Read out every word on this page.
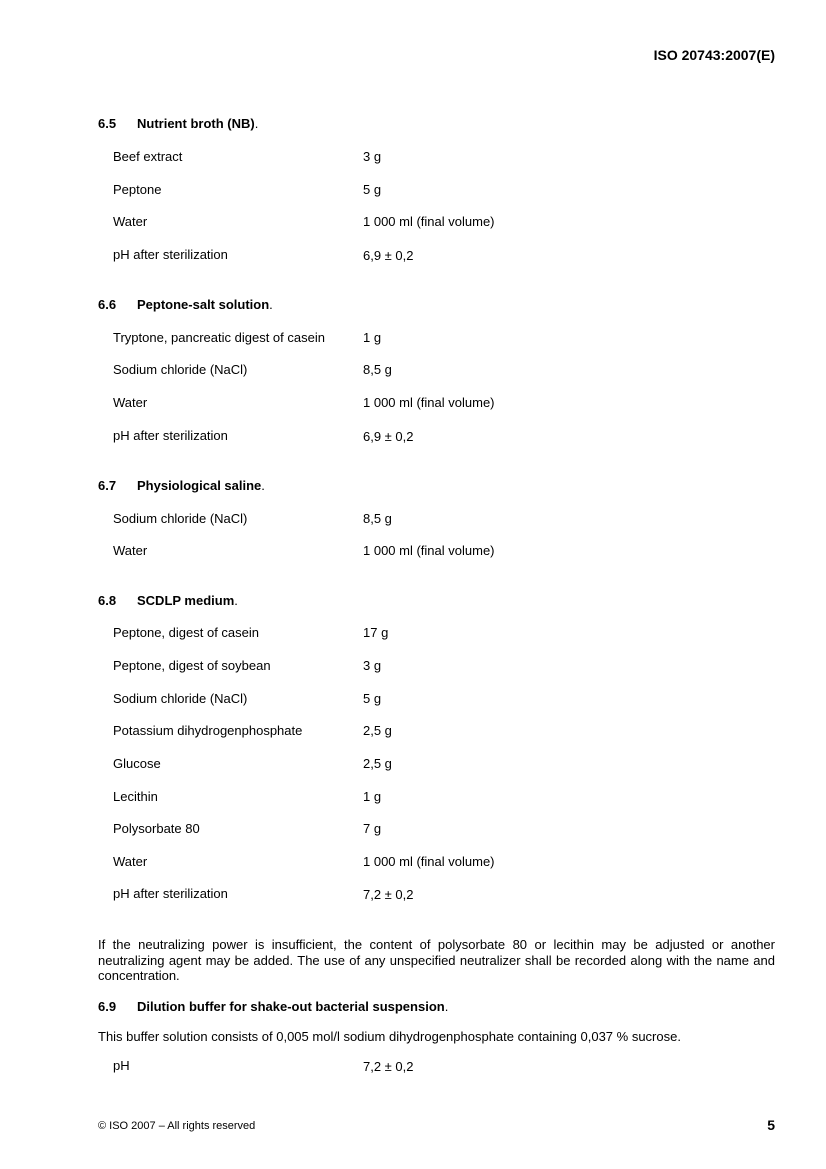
ISO 20743:2007(E)
6.5 Nutrient broth (NB).
Beef extract	3 g
Peptone	5 g
Water	1 000 ml (final volume)
pH after sterilization	6,9 ± 0,2
6.6 Peptone-salt solution.
Tryptone, pancreatic digest of casein	1 g
Sodium chloride (NaCl)	8,5 g
Water	1 000 ml (final volume)
pH after sterilization	6,9 ± 0,2
6.7 Physiological saline.
Sodium chloride (NaCl)	8,5 g
Water	1 000 ml (final volume)
6.8 SCDLP medium.
Peptone, digest of casein	17 g
Peptone, digest of soybean	3 g
Sodium chloride (NaCl)	5 g
Potassium dihydrogenphosphate	2,5 g
Glucose	2,5 g
Lecithin	1 g
Polysorbate 80	7 g
Water	1 000 ml (final volume)
pH after sterilization	7,2 ± 0,2
If the neutralizing power is insufficient, the content of polysorbate 80 or lecithin may be adjusted or another neutralizing agent may be added. The use of any unspecified neutralizer shall be recorded along with the name and concentration.
6.9 Dilution buffer for shake-out bacterial suspension.
This buffer solution consists of 0,005 mol/l sodium dihydrogenphosphate containing 0,037 % sucrose.
pH	7,2 ± 0,2
© ISO 2007 – All rights reserved	5
